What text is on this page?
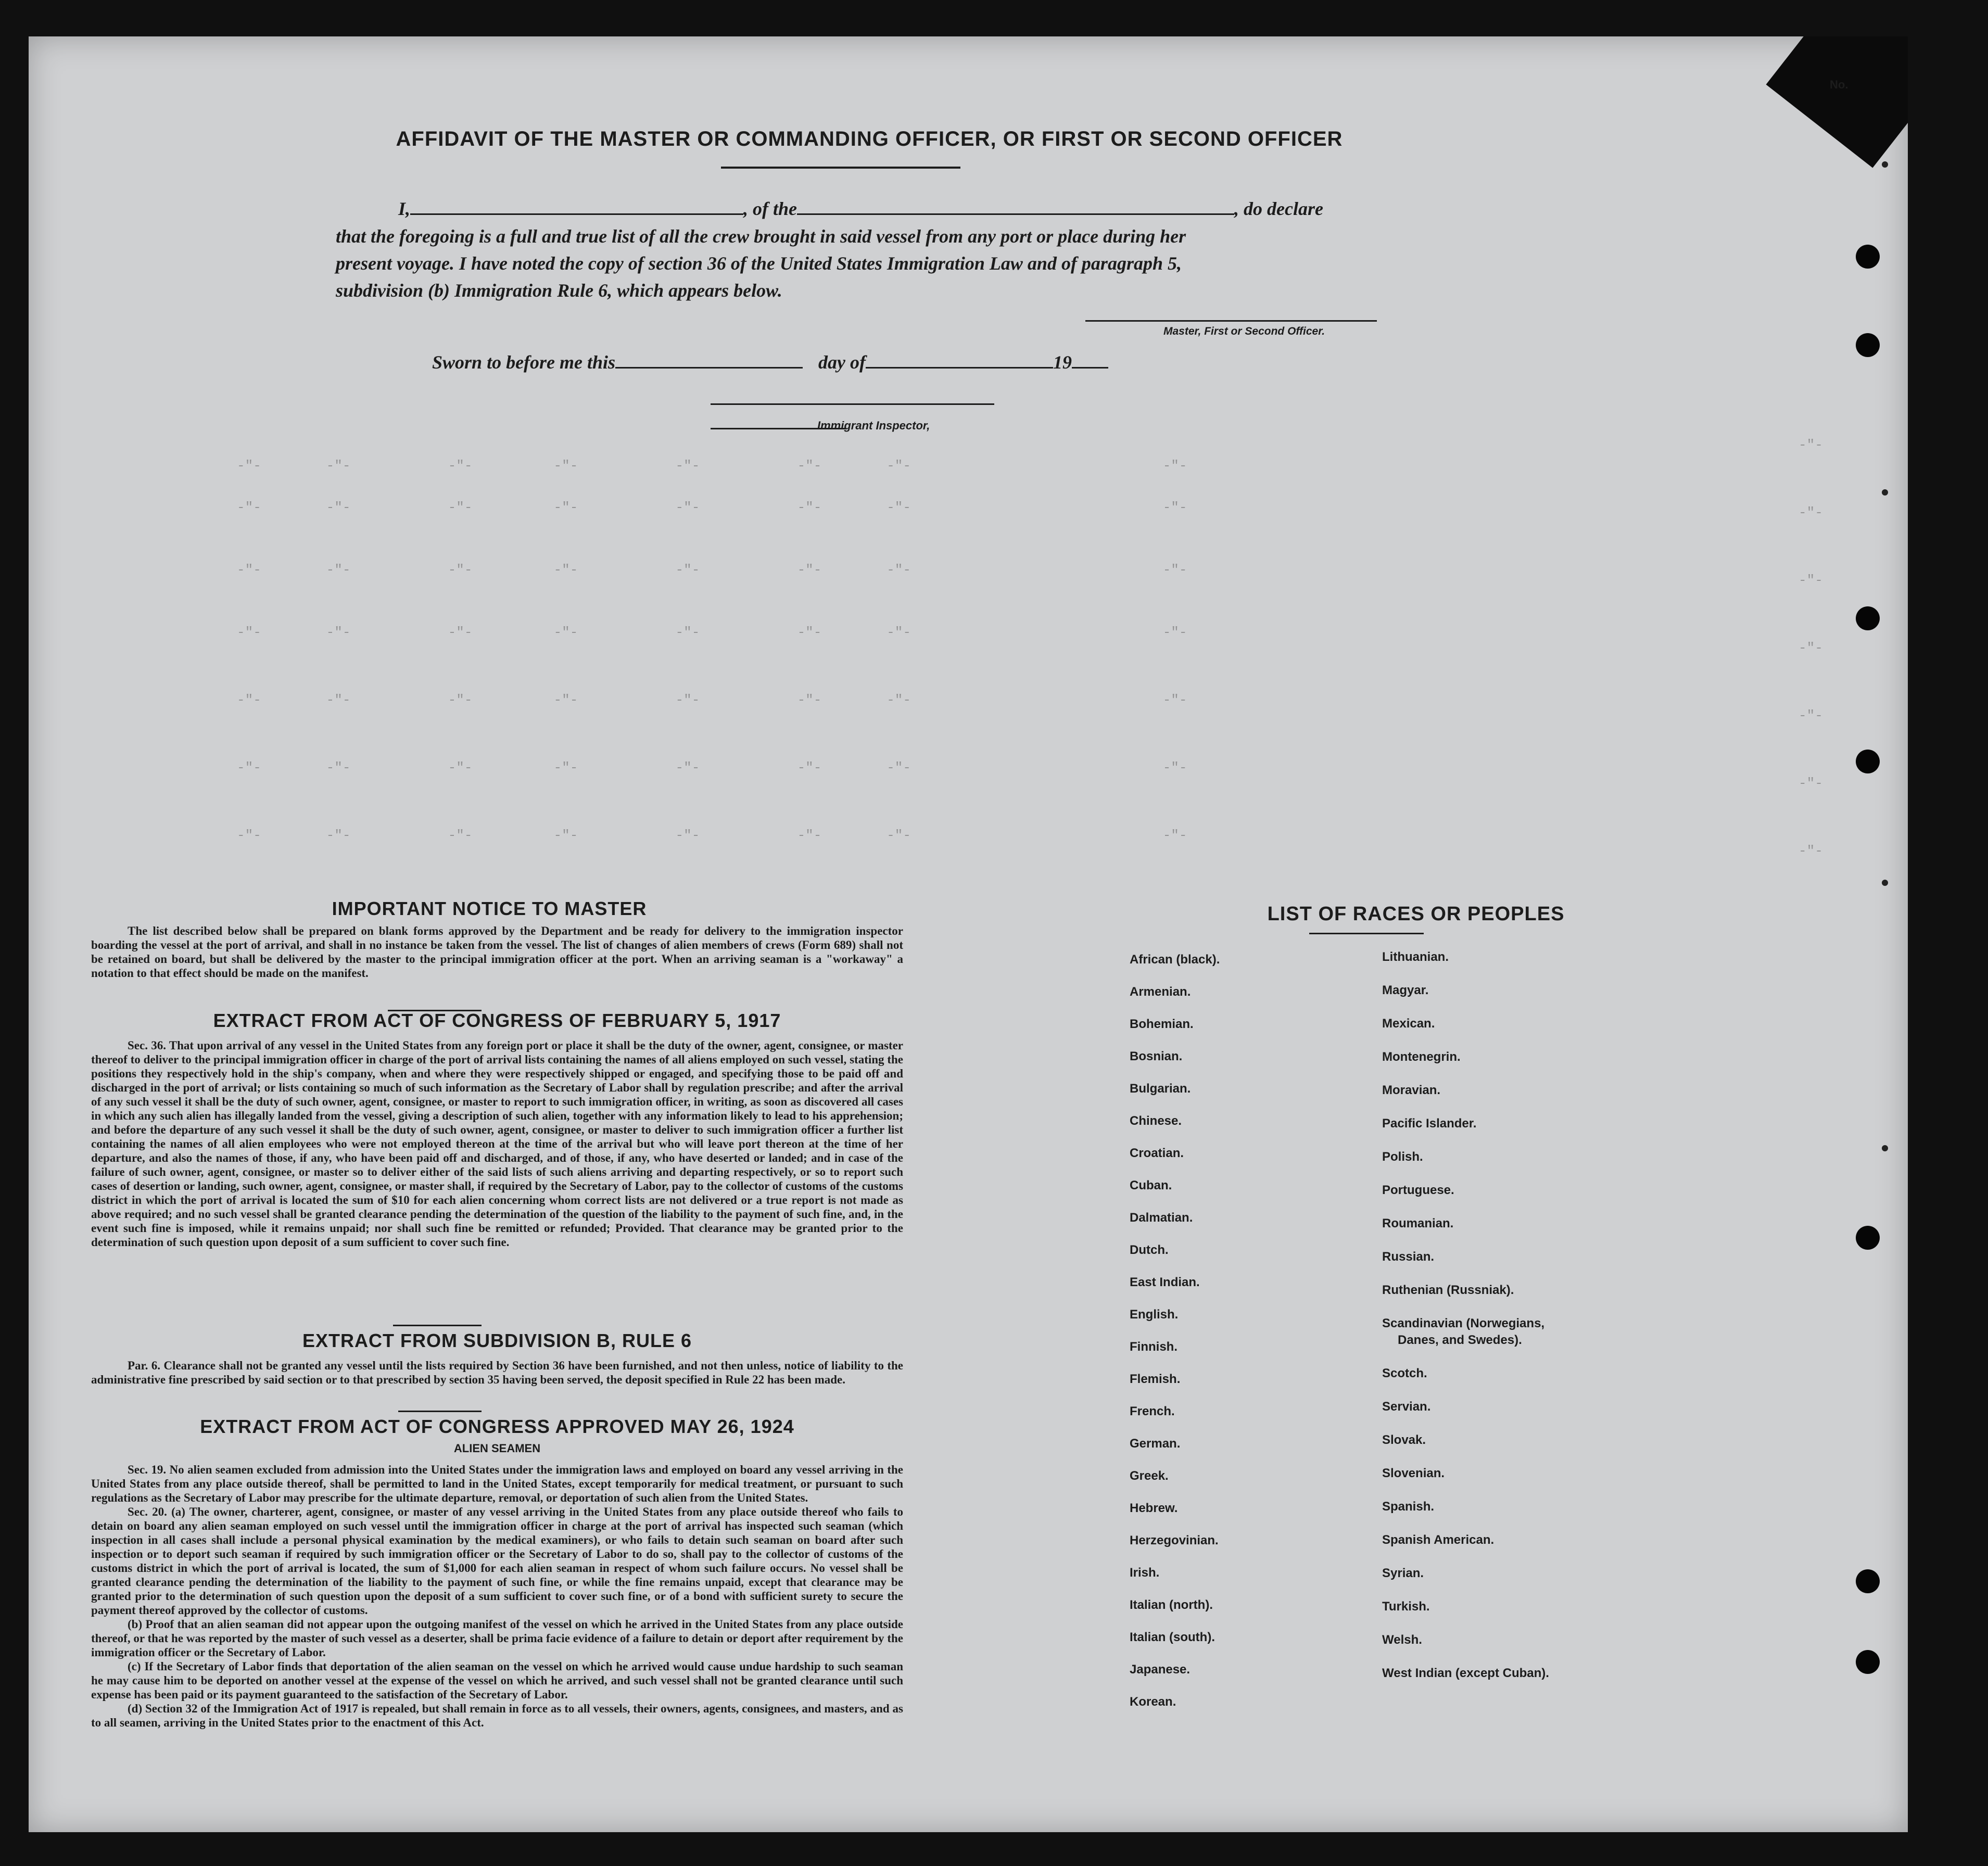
No.
AFFIDAVIT OF THE MASTER OR COMMANDING OFFICER, OR FIRST OR SECOND OFFICER
I,	, of the	, do declare
that the foregoing is a full and true list of all the crew brought in said vessel from any port or place during her
present voyage. I have noted the copy of section 36 of the United States Immigration Law and of paragraph 5,
subdivision (b) Immigration Rule 6, which appears below.
Master, First or Second Officer.
Sworn to before me this	day of	19
Immigrant Inspector,
-"-        -"-            -"-          -"-            -"-            -"-        -"-                               -"-
-"-        -"-            -"-          -"-            -"-            -"-        -"-                               -"-
-"-        -"-            -"-          -"-            -"-            -"-        -"-                               -"-
-"-        -"-            -"-          -"-            -"-            -"-        -"-                               -"-
-"-        -"-            -"-          -"-            -"-            -"-        -"-                               -"-
-"-        -"-            -"-          -"-            -"-            -"-        -"-                               -"-
-"-        -"-            -"-          -"-            -"-            -"-        -"-                               -"-
-"-
-"-
-"-
-"-
-"-
-"-
-"-
IMPORTANT NOTICE TO MASTER
The list described below shall be prepared on blank forms approved by the Department and be ready for delivery to the immigration inspector boarding the vessel at the port of arrival, and shall in no instance be taken from the vessel. The list of changes of alien members of crews (Form 689) shall not be retained on board, but shall be delivered by the master to the principal immigration officer at the port. When an arriving seaman is a "workaway" a notation to that effect should be made on the manifest.
EXTRACT FROM ACT OF CONGRESS OF FEBRUARY 5, 1917
Sec. 36. That upon arrival of any vessel in the United States from any foreign port or place it shall be the duty of the owner, agent, consignee, or master thereof to deliver to the principal immigration officer in charge of the port of arrival lists containing the names of all aliens employed on such vessel, stating the positions they respectively hold in the ship's company, when and where they were respectively shipped or engaged, and specifying those to be paid off and discharged in the port of arrival; or lists containing so much of such information as the Secretary of Labor shall by regulation prescribe; and after the arrival of any such vessel it shall be the duty of such owner, agent, consignee, or master to report to such immigration officer, in writing, as soon as discovered all cases in which any such alien has illegally landed from the vessel, giving a description of such alien, together with any information likely to lead to his apprehension; and before the departure of any such vessel it shall be the duty of such owner, agent, consignee, or master to deliver to such immigration officer a further list containing the names of all alien employees who were not employed thereon at the time of the arrival but who will leave port thereon at the time of her departure, and also the names of those, if any, who have been paid off and discharged, and of those, if any, who have deserted or landed; and in case of the failure of such owner, agent, consignee, or master so to deliver either of the said lists of such aliens arriving and departing respectively, or so to report such cases of desertion or landing, such owner, agent, consignee, or master shall, if required by the Secretary of Labor, pay to the collector of customs of the customs district in which the port of arrival is located the sum of $10 for each alien concerning whom correct lists are not delivered or a true report is not made as above required; and no such vessel shall be granted clearance pending the determination of the question of the liability to the payment of such fine, and, in the event such fine is imposed, while it remains unpaid; nor shall such fine be remitted or refunded; Provided. That clearance may be granted prior to the determination of such question upon deposit of a sum sufficient to cover such fine.
EXTRACT FROM SUBDIVISION B, RULE 6
Par. 6. Clearance shall not be granted any vessel until the lists required by Section 36 have been furnished, and not then unless, notice of liability to the administrative fine prescribed by said section or to that prescribed by section 35 having been served, the deposit specified in Rule 22 has been made.
EXTRACT FROM ACT OF CONGRESS APPROVED MAY 26, 1924
ALIEN SEAMEN
Sec. 19. No alien seamen excluded from admission into the United States under the immigration laws and employed on board any vessel arriving in the United States from any place outside thereof, shall be permitted to land in the United States, except temporarily for medical treatment, or pursuant to such regulations as the Secretary of Labor may prescribe for the ultimate departure, removal, or deportation of such alien from the United States.
Sec. 20. (a) The owner, charterer, agent, consignee, or master of any vessel arriving in the United States from any place outside thereof who fails to detain on board any alien seaman employed on such vessel until the immigration officer in charge at the port of arrival has inspected such seaman (which inspection in all cases shall include a personal physical examination by the medical examiners), or who fails to detain such seaman on board after such inspection or to deport such seaman if required by such immigration officer or the Secretary of Labor to do so, shall pay to the collector of customs of the customs district in which the port of arrival is located, the sum of $1,000 for each alien seaman in respect of whom such failure occurs. No vessel shall be granted clearance pending the determination of the liability to the payment of such fine, or while the fine remains unpaid, except that clearance may be granted prior to the determination of such question upon the deposit of a sum sufficient to cover such fine, or of a bond with sufficient surety to secure the payment thereof approved by the collector of customs.
(b) Proof that an alien seaman did not appear upon the outgoing manifest of the vessel on which he arrived in the United States from any place outside thereof, or that he was reported by the master of such vessel as a deserter, shall be prima facie evidence of a failure to detain or deport after requirement by the immigration officer or the Secretary of Labor.
(c) If the Secretary of Labor finds that deportation of the alien seaman on the vessel on which he arrived would cause undue hardship to such seaman he may cause him to be deported on another vessel at the expense of the vessel on which he arrived, and such vessel shall not be granted clearance until such expense has been paid or its payment guaranteed to the satisfaction of the Secretary of Labor.
(d) Section 32 of the Immigration Act of 1917 is repealed, but shall remain in force as to all vessels, their owners, agents, consignees, and masters, and as to all seamen, arriving in the United States prior to the enactment of this Act.
LIST OF RACES OR PEOPLES
African (black).
Armenian.
Bohemian.
Bosnian.
Bulgarian.
Chinese.
Croatian.
Cuban.
Dalmatian.
Dutch.
East Indian.
English.
Finnish.
Flemish.
French.
German.
Greek.
Hebrew.
Herzegovinian.
Irish.
Italian (north).
Italian (south).
Japanese.
Korean.
Lithuanian.
Magyar.
Mexican.
Montenegrin.
Moravian.
Pacific Islander.
Polish.
Portuguese.
Roumanian.
Russian.
Ruthenian (Russniak).
Scandinavian (Norwegians,
Danes, and Swedes).
Scotch.
Servian.
Slovak.
Slovenian.
Spanish.
Spanish American.
Syrian.
Turkish.
Welsh.
West Indian (except Cuban).
